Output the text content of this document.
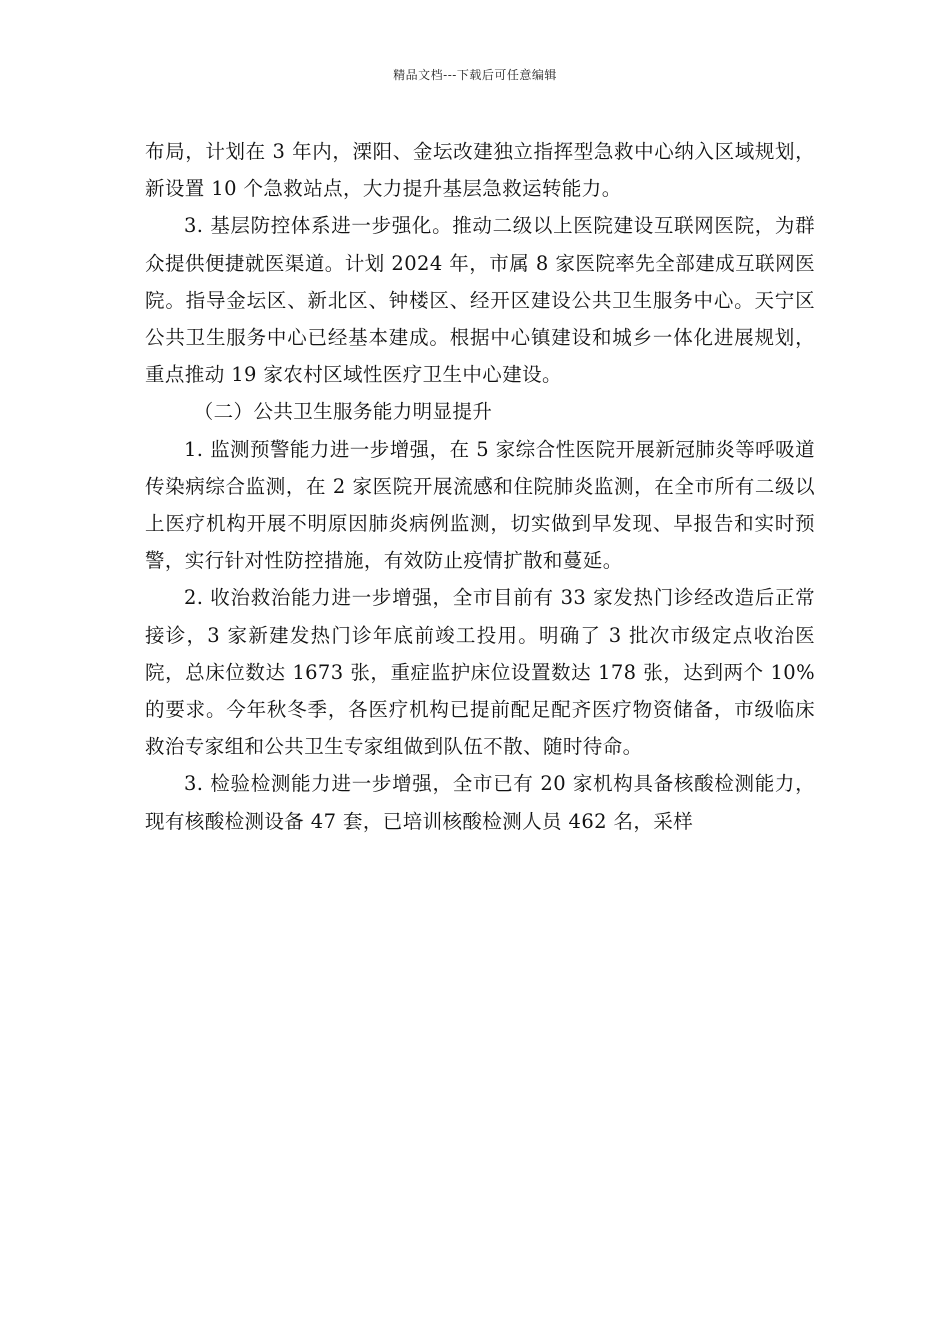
精品文档---下载后可任意编辑

布局，计划在 3 年内，溧阳、金坛改建独立指挥型急救中心纳入区域规划，新设置 10 个急救站点，大力提升基层急救运转能力。

3. 基层防控体系进一步强化。推动二级以上医院建设互联网医院，为群众提供便捷就医渠道。计划 2024 年，市属 8 家医院率先全部建成互联网医院。指导金坛区、新北区、钟楼区、经开区建设公共卫生服务中心。天宁区公共卫生服务中心已经基本建成。根据中心镇建设和城乡一体化进展规划，重点推动 19 家农村区域性医疗卫生中心建设。

（二）公共卫生服务能力明显提升

1. 监测预警能力进一步增强，在 5 家综合性医院开展新冠肺炎等呼吸道传染病综合监测，在 2 家医院开展流感和住院肺炎监测，在全市所有二级以上医疗机构开展不明原因肺炎病例监测，切实做到早发现、早报告和实时预警，实行针对性防控措施，有效防止疫情扩散和蔓延。

2. 收治救治能力进一步增强，全市目前有 33 家发热门诊经改造后正常接诊，3 家新建发热门诊年底前竣工投用。明确了 3 批次市级定点收治医院，总床位数达 1673 张，重症监护床位设置数达 178 张，达到两个 10%的要求。今年秋冬季，各医疗机构已提前配足配齐医疗物资储备，市级临床救治专家组和公共卫生专家组做到队伍不散、随时待命。

3. 检验检测能力进一步增强，全市已有 20 家机构具备核酸检测能力，现有核酸检测设备 47 套，已培训核酸检测人员 462 名，采样
